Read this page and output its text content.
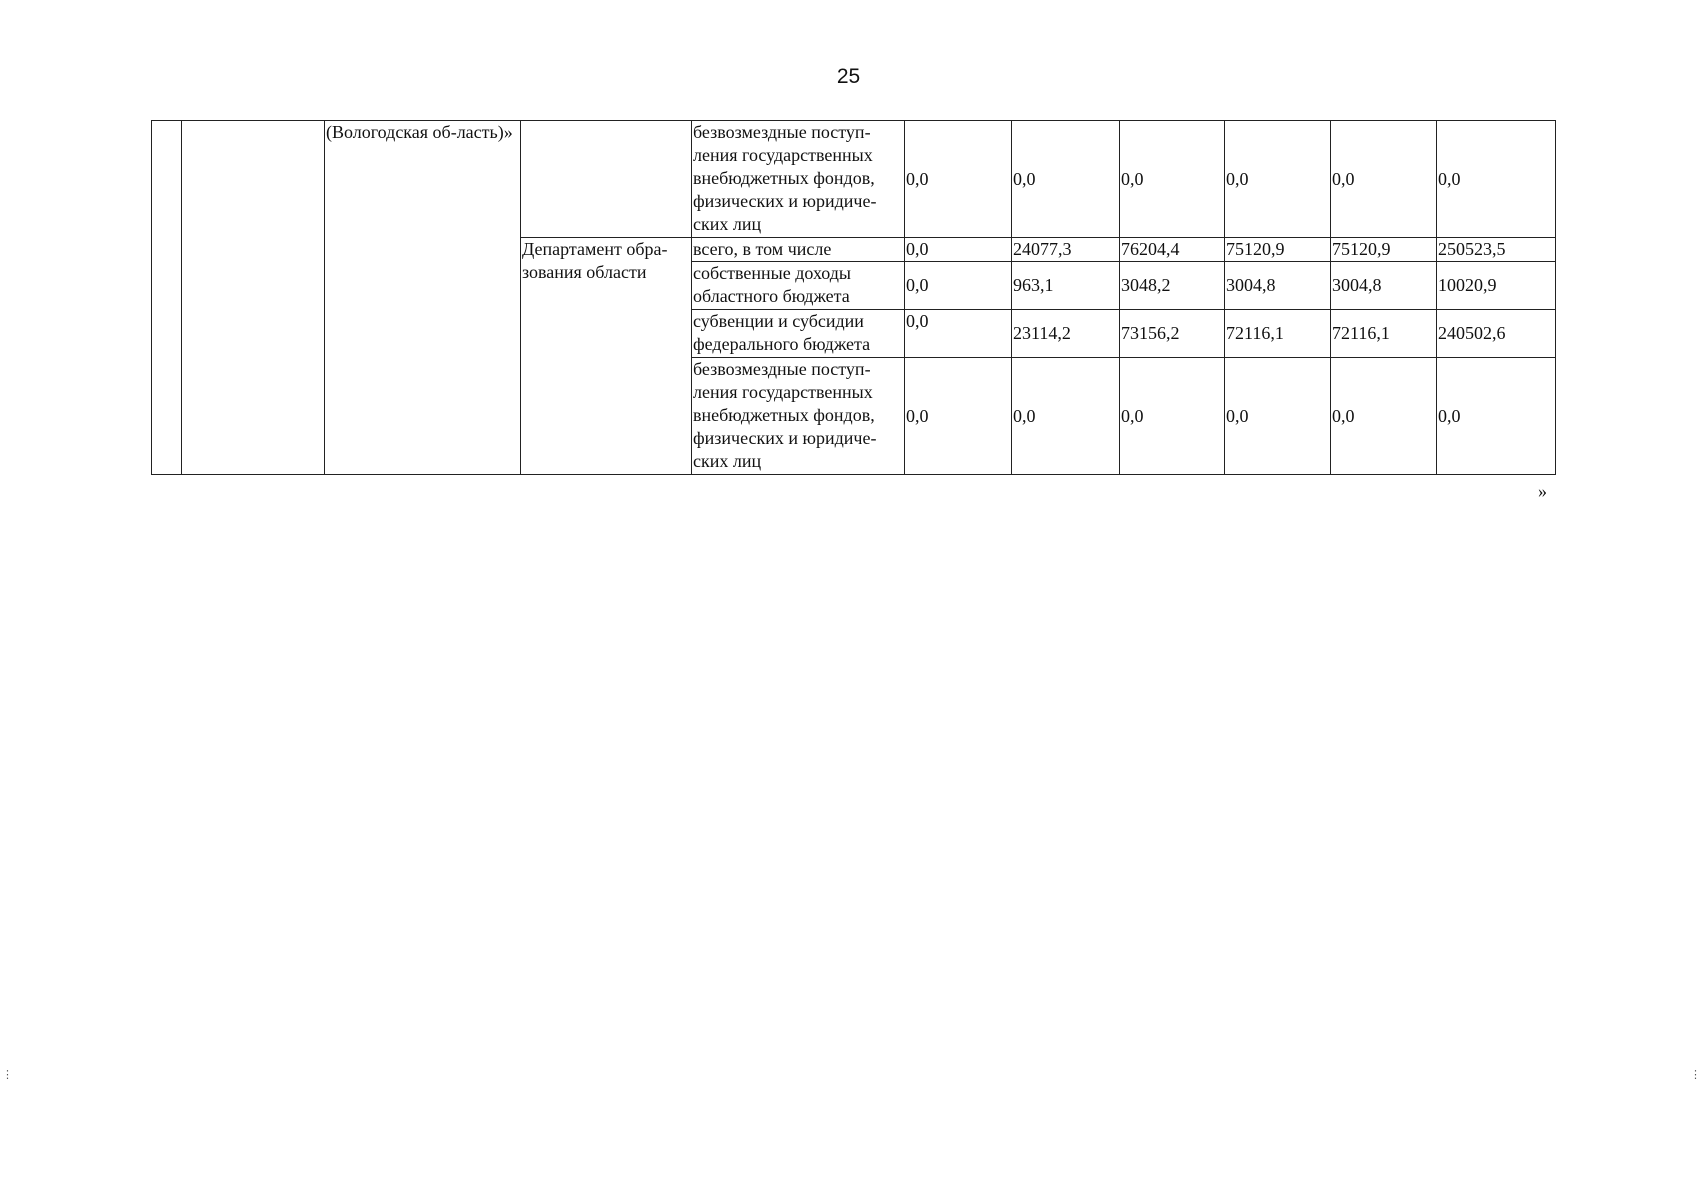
25
		(Вологодская об-ласть)»		безвозмездные поступ-ления государственных внебюджетных фондов, физических и юридиче-ских лиц	0,0	0,0	0,0	0,0	0,0	0,0
			Департамент обра-зования области	всего, в том числе	0,0	24077,3	76204,4	75120,9	75120,9	250523,5
				собственные доходы областного бюджета	0,0	963,1	3048,2	3004,8	3004,8	10020,9
				субвенции и субсидии федерального бюджета	0,0	23114,2	73156,2	72116,1	72116,1	240502,6
				безвозмездные поступ-ления государственных внебюджетных фондов, физических и юридиче-ских лиц	0,0	0,0	0,0	0,0	0,0	0,0
»
⋮	⋮
